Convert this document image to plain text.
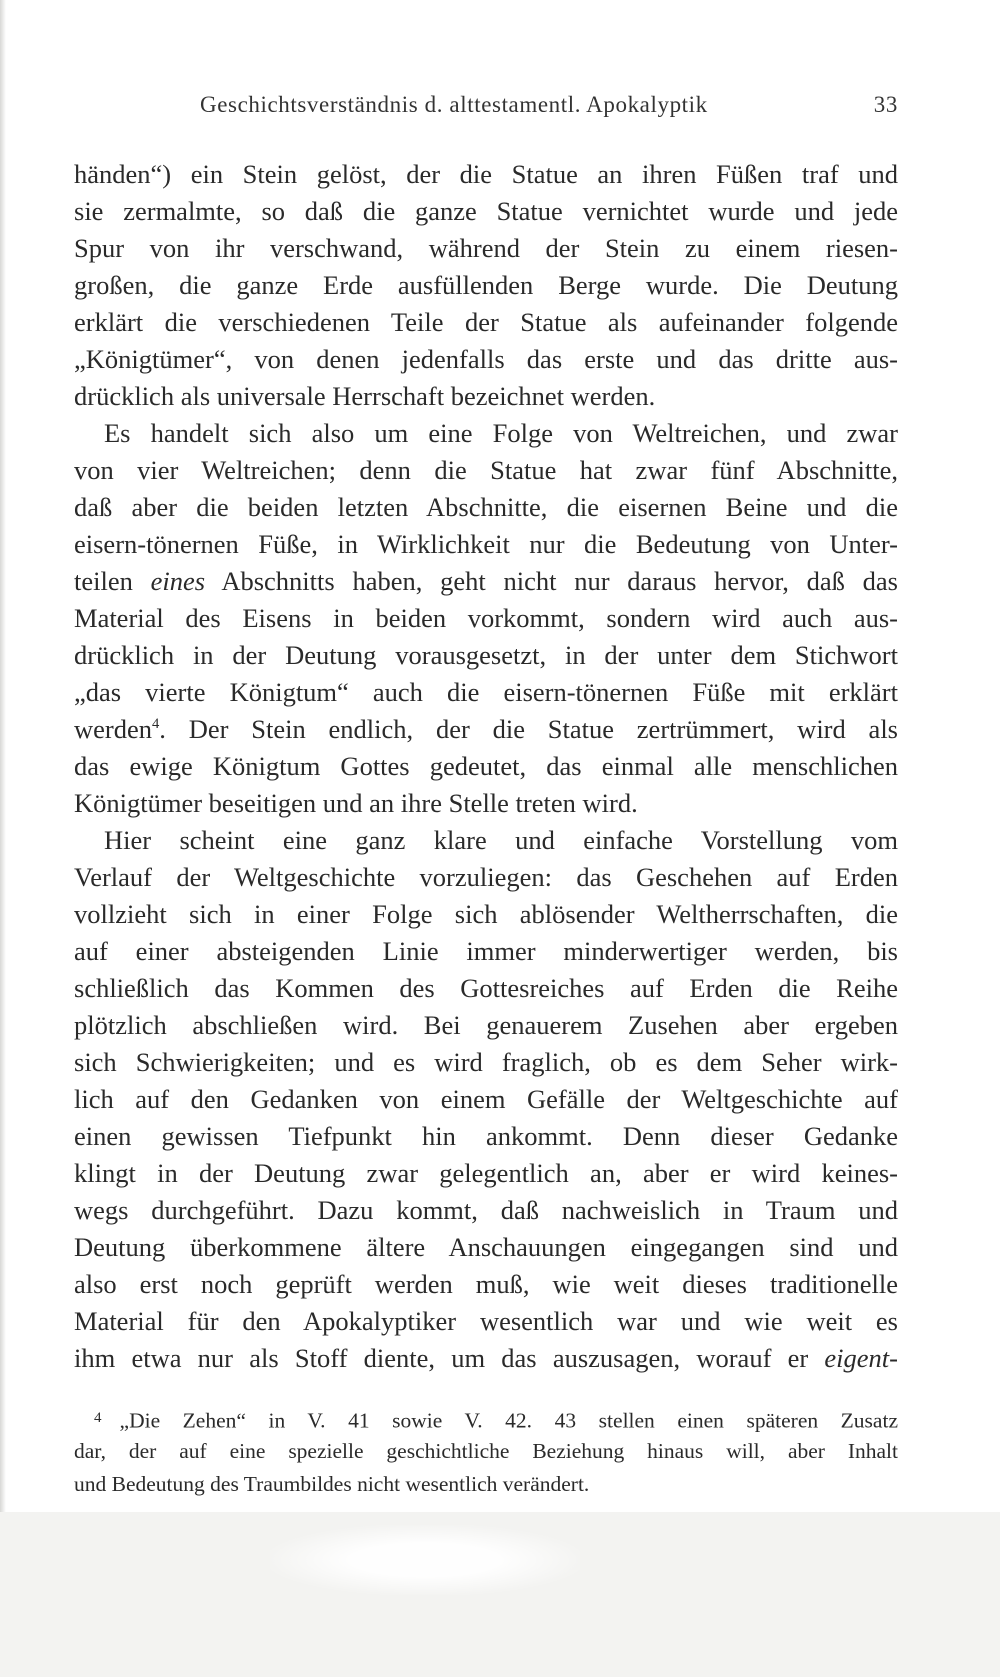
Geschichtsverständnis d. alttestamentl. Apokalyptik	33
händen“) ein Stein gelöst, der die Statue an ihren Füßen traf und
sie zermalmte, so daß die ganze Statue vernichtet wurde und jede
Spur von ihr verschwand, während der Stein zu einem riesen-
großen, die ganze Erde ausfüllenden Berge wurde. Die Deutung
erklärt die verschiedenen Teile der Statue als aufeinander folgende
„Königtümer“, von denen jedenfalls das erste und das dritte aus-
drücklich als universale Herrschaft bezeichnet werden.
Es handelt sich also um eine Folge von Weltreichen, und zwar
von vier Weltreichen; denn die Statue hat zwar fünf Abschnitte,
daß aber die beiden letzten Abschnitte, die eisernen Beine und die
eisern-tönernen Füße, in Wirklichkeit nur die Bedeutung von Unter-
teilen eines Abschnitts haben, geht nicht nur daraus hervor, daß das
Material des Eisens in beiden vorkommt, sondern wird auch aus-
drücklich in der Deutung vorausgesetzt, in der unter dem Stichwort
„das vierte Königtum“ auch die eisern-tönernen Füße mit erklärt
werden$^4$. Der Stein endlich, der die Statue zertrümmert, wird als
das ewige Königtum Gottes gedeutet, das einmal alle menschlichen
Königtümer beseitigen und an ihre Stelle treten wird.
Hier scheint eine ganz klare und einfache Vorstellung vom
Verlauf der Weltgeschichte vorzuliegen: das Geschehen auf Erden
vollzieht sich in einer Folge sich ablösender Weltherrschaften, die
auf einer absteigenden Linie immer minderwertiger werden, bis
schließlich das Kommen des Gottesreiches auf Erden die Reihe
plötzlich abschließen wird. Bei genauerem Zusehen aber ergeben
sich Schwierigkeiten; und es wird fraglich, ob es dem Seher wirk-
lich auf den Gedanken von einem Gefälle der Weltgeschichte auf
einen gewissen Tiefpunkt hin ankommt. Denn dieser Gedanke
klingt in der Deutung zwar gelegentlich an, aber er wird keines-
wegs durchgeführt. Dazu kommt, daß nachweislich in Traum und
Deutung überkommene ältere Anschauungen eingegangen sind und
also erst noch geprüft werden muß, wie weit dieses traditionelle
Material für den Apokalyptiker wesentlich war und wie weit es
ihm etwa nur als Stoff diente, um das auszusagen, worauf er eigent-
$^4$ „Die Zehen“ in V. 41 sowie V. 42. 43 stellen einen späteren Zusatz
dar, der auf eine spezielle geschichtliche Beziehung hinaus will, aber Inhalt
und Bedeutung des Traumbildes nicht wesentlich verändert.
